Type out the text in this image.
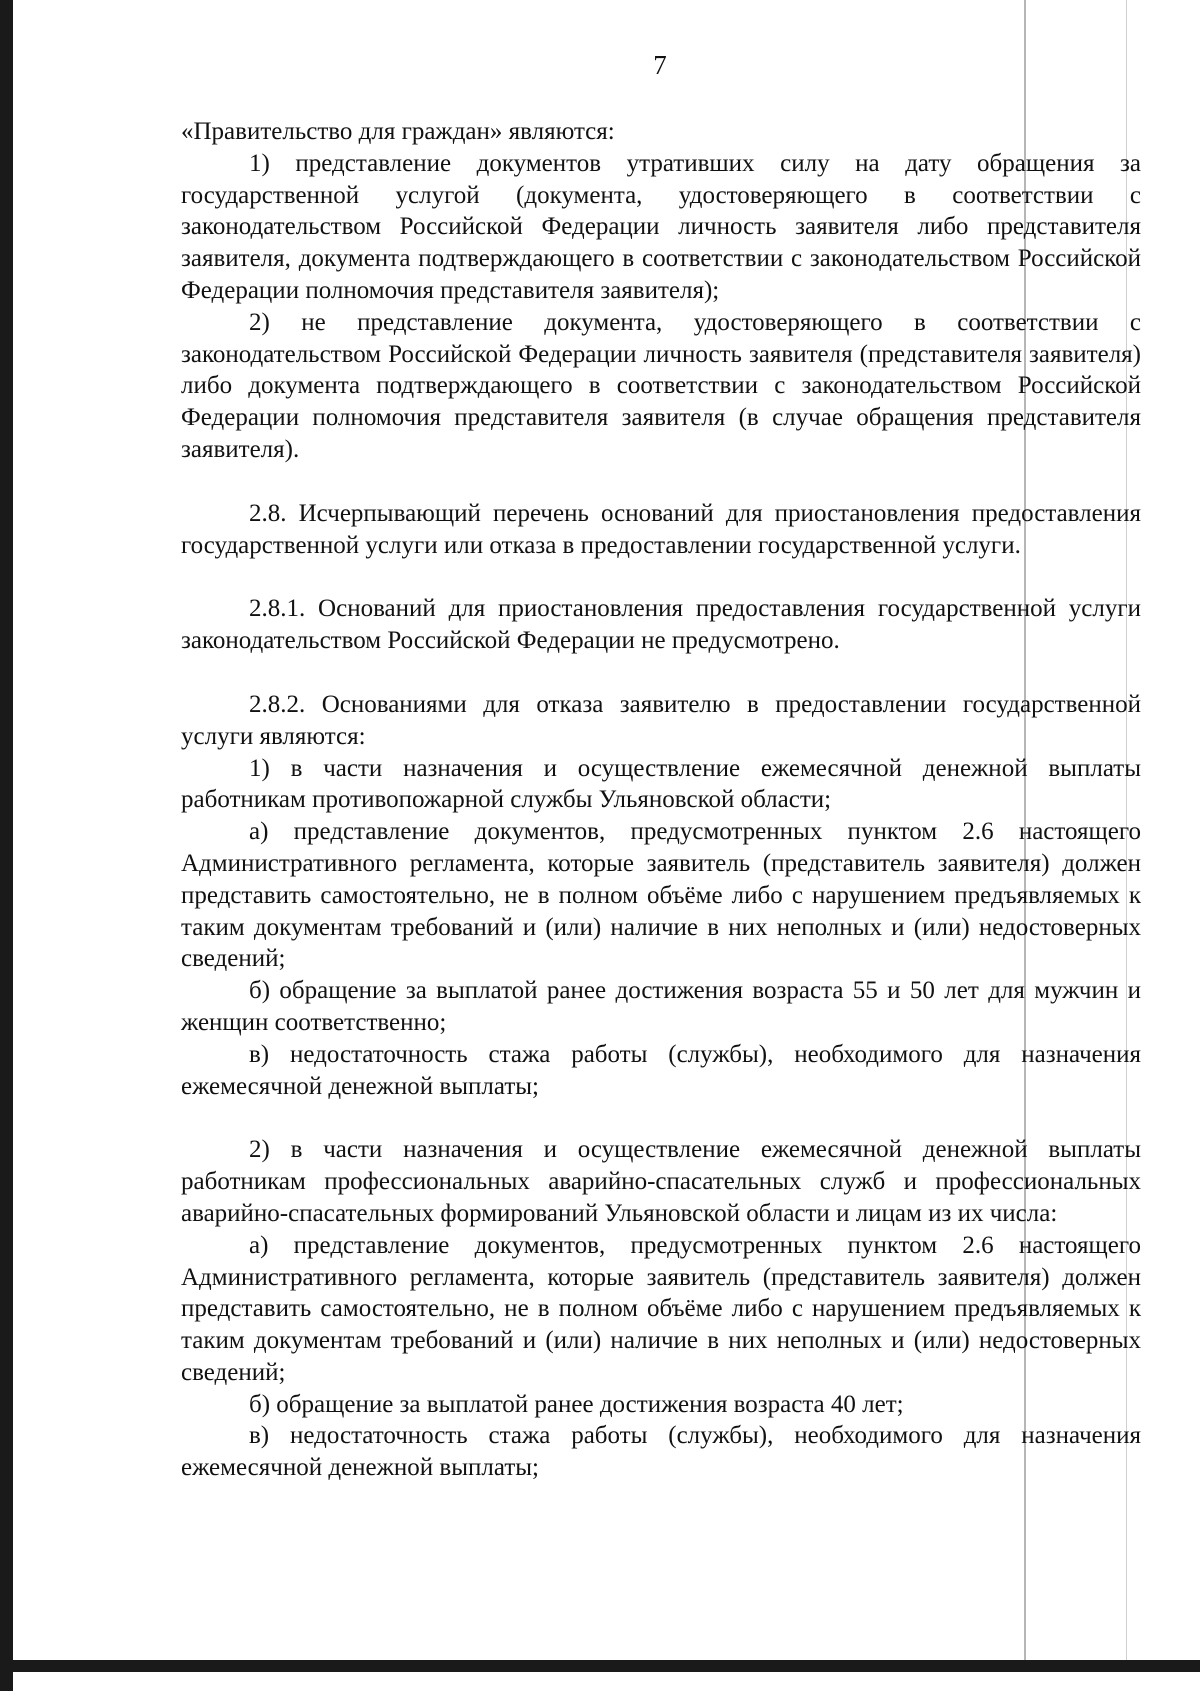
7

«Правительство для граждан» являются:

1) представление документов утративших силу на дату обращения за государственной услугой (документа, удостоверяющего в соответствии с законодательством Российской Федерации личность заявителя либо представителя заявителя, документа подтверждающего в соответствии с законодательством Российской Федерации полномочия представителя заявителя);

2) не представление документа, удостоверяющего в соответствии с законодательством Российской Федерации личность заявителя (представителя заявителя) либо документа подтверждающего в соответствии с законодательством Российской Федерации полномочия представителя заявителя (в случае обращения представителя заявителя).

2.8. Исчерпывающий перечень оснований для приостановления предоставления государственной услуги или отказа в предоставлении государственной услуги.

2.8.1. Оснований для приостановления предоставления государственной услуги законодательством Российской Федерации не предусмотрено.

2.8.2. Основаниями для отказа заявителю в предоставлении государственной услуги являются:

1) в части назначения и осуществление ежемесячной денежной выплаты работникам противопожарной службы Ульяновской области;

а) представление документов, предусмотренных пунктом 2.6 настоящего Административного регламента, которые заявитель (представитель заявителя) должен представить самостоятельно, не в полном объёме либо с нарушением предъявляемых к таким документам требований и (или) наличие в них неполных и (или) недостоверных сведений;

б) обращение за выплатой ранее достижения возраста 55 и 50 лет для мужчин и женщин соответственно;

в) недостаточность стажа работы (службы), необходимого для назначения ежемесячной денежной выплаты;

2) в части назначения и осуществление ежемесячной денежной выплаты работникам профессиональных аварийно-спасательных служб и профессиональных аварийно-спасательных формирований Ульяновской области и лицам из их числа:

а) представление документов, предусмотренных пунктом 2.6 настоящего Административного регламента, которые заявитель (представитель заявителя) должен представить самостоятельно, не в полном объёме либо с нарушением предъявляемых к таким документам требований и (или) наличие в них неполных и (или) недостоверных сведений;

б) обращение за выплатой ранее достижения возраста 40 лет;

в) недостаточность стажа работы (службы), необходимого для назначения ежемесячной денежной выплаты;
